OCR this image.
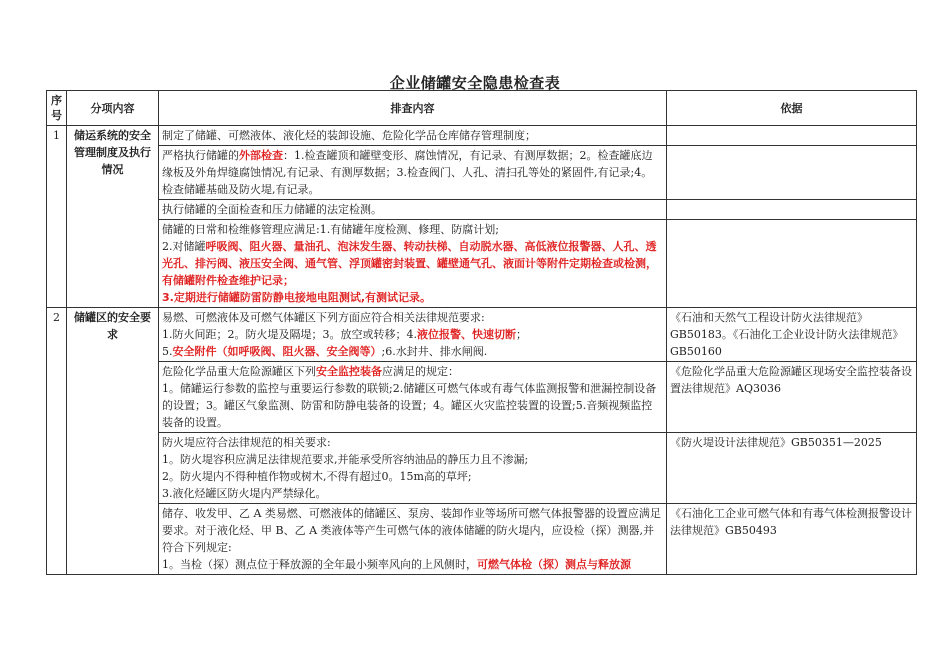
企业储罐安全隐患检查表
序号	分项内容	排查内容	依据
1	储运系统的安全管理制度及执行情况	制定了储罐、可燃液体、液化烃的装卸设施、危险化学品仓库储存管理制度；	
		严格执行储罐的外部检查：1.检查罐顶和罐壁变形、腐蚀情况，有记录、有测厚数据；2。检查罐底边缘板及外角焊缝腐蚀情况,有记录、有测厚数据；3.检查阀门、人孔、清扫孔等处的紧固件,有记录;4。检查储罐基础及防火堤,有记录。	
		执行储罐的全面检查和压力储罐的法定检测。	

		储罐的日常和检维修管理应满足:1.有储罐年度检测、修理、防腐计划;
2.对储罐呼吸阀、阻火器、量油孔、泡沫发生器、转动扶梯、自动脱水器、高低液位报警器、人孔、透光孔、排污阀、液压安全阀、通气管、浮顶罐密封装置、罐壁通气孔、液面计等附件定期检查或检测，有储罐附件检查维护记录；
3.定期进行储罐防雷防静电接地电阻测试,有测试记录。	

2	储罐区的安全要求	易燃、可燃液体及可燃气体罐区下列方面应符合相关法律规范要求:
1.防火间距；2。防火堤及隔堤；3。放空或转移；4.液位报警、快速切断；
5.安全附件（如呼吸阀、阻火器、安全阀等）;6.水封井、排水闸阀.	《石油和天然气工程设计防火法律规范》GB50183。《石油化工企业设计防火法律规范》GB50160

		危险化学品重大危险源罐区下列安全监控装备应满足的规定：
1。储罐运行参数的监控与重要运行参数的联锁;2.储罐区可燃气体或有毒气体监测报警和泄漏控制设备的设置；3。罐区气象监测、防雷和防静电装备的设置；4。罐区火灾监控装置的设置;5.音频视频监控装备的设置。	《危险化学品重大危险源罐区现场安全监控装备设置法律规范》AQ3036

		防火堤应符合法律规范的相关要求:
1。防火堤容积应满足法律规范要求,并能承受所容纳油品的静压力且不渗漏;
2。防火堤内不得种植作物或树木,不得有超过0。15m高的草坪;
3.液化烃罐区防火堤内严禁绿化。	《防火堤设计法律规范》GB50351—2025

		储存、收发甲、乙 A 类易燃、可燃液体的储罐区、泵房、装卸作业等场所可燃气体报警器的设置应满足要求。对于液化烃、甲 B、乙 A 类液体等产生可燃气体的液体储罐的防火堤内，应设检（探）测器,并符合下列规定:
1。当检（探）测点位于释放源的全年最小频率风向的上风侧时，可燃气体检（探）测点与释放源	《石油化工企业可燃气体和有毒气体检测报警设计法律规范》GB50493
